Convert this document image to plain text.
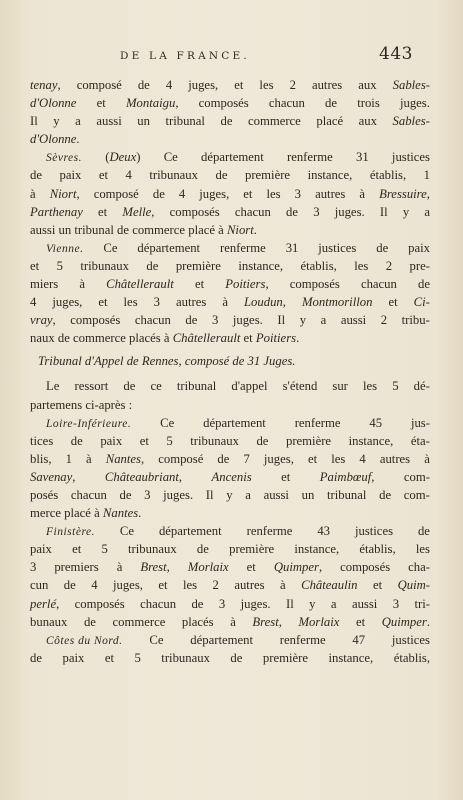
DE LA FRANCE.	443
tenay, composé de 4 juges, et les 2 autres aux Sables-
d'Olonne et Montaigu, composés chacun de trois juges.
Il y a aussi un tribunal de commerce placé aux Sables-
d'Olonne.
Sèvres. (Deux) Ce département renferme 31 justices
de paix et 4 tribunaux de première instance, établis, 1
à Niort, composé de 4 juges, et les 3 autres à Bressuire,
Parthenay et Melle, composés chacun de 3 juges. Il y a
aussi un tribunal de commerce placé à Niort.
Vienne. Ce département renferme 31 justices de paix
et 5 tribunaux de première instance, établis, les 2 pre-
miers à Châtellerault et Poitiers, composés chacun de
4 juges, et les 3 autres à Loudun, Montmorillon et Ci-
vray, composés chacun de 3 juges. Il y a aussi 2 tribu-
naux de commerce placés à Châtellerault et Poitiers.
Tribunal d'Appel de Rennes, composé de 31 Juges.
Le ressort de ce tribunal d'appel s'étend sur les 5 dé-
partemens ci-après :
Loire-Inférieure. Ce département renferme 45 jus-
tices de paix et 5 tribunaux de première instance, éta-
blis, 1 à Nantes, composé de 7 juges, et les 4 autres à
Savenay, Châteaubriant, Ancenis et Paimbœuf, com-
posés chacun de 3 juges. Il y a aussi un tribunal de com-
merce placé à Nantes.
Finistère. Ce département renferme 43 justices de
paix et 5 tribunaux de première instance, établis, les
3 premiers à Brest, Morlaix et Quimper, composés cha-
cun de 4 juges, et les 2 autres à Châteaulin et Quim-
perlé, composés chacun de 3 juges. Il y a aussi 3 tri-
bunaux de commerce placés à Brest, Morlaix et Quimper.
Côtes du Nord. Ce département renferme 47 justices
de paix et 5 tribunaux de première instance, établis,
